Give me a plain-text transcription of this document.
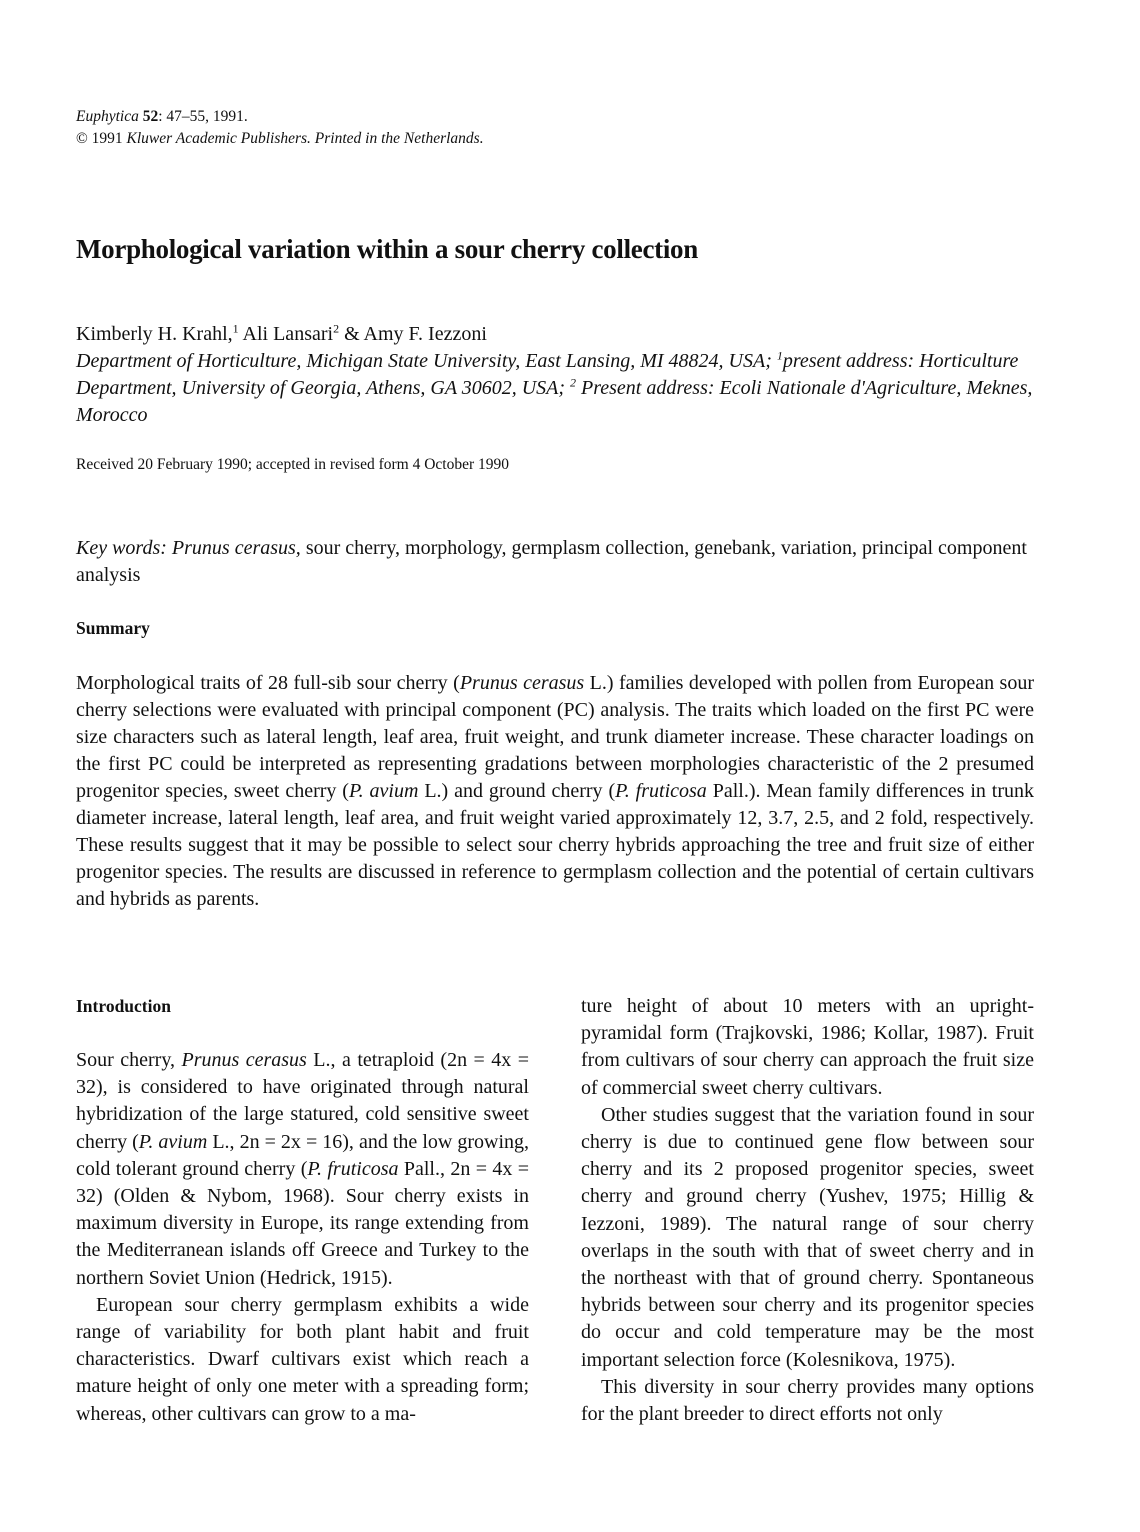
Euphytica 52: 47–55, 1991.
© 1991 Kluwer Academic Publishers. Printed in the Netherlands.
Morphological variation within a sour cherry collection
Kimberly H. Krahl,$^1$ Ali Lansari$^2$ & Amy F. Iezzoni
Department of Horticulture, Michigan State University, East Lansing, MI 48824, USA; $^1$present address: Horticulture Department, University of Georgia, Athens, GA 30602, USA; $^2$ Present address: Ecoli Nationale d'Agriculture, Meknes, Morocco
Received 20 February 1990; accepted in revised form 4 October 1990
Key words: Prunus cerasus, sour cherry, morphology, germplasm collection, genebank, variation, principal component analysis
Summary
Morphological traits of 28 full-sib sour cherry (Prunus cerasus L.) families developed with pollen from European sour cherry selections were evaluated with principal component (PC) analysis. The traits which loaded on the first PC were size characters such as lateral length, leaf area, fruit weight, and trunk diameter increase. These character loadings on the first PC could be interpreted as representing gradations between morphologies characteristic of the 2 presumed progenitor species, sweet cherry (P. avium L.) and ground cherry (P. fruticosa Pall.). Mean family differences in trunk diameter increase, lateral length, leaf area, and fruit weight varied approximately 12, 3.7, 2.5, and 2 fold, respectively. These results suggest that it may be possible to select sour cherry hybrids approaching the tree and fruit size of either progenitor species. The results are discussed in reference to germplasm collection and the potential of certain cultivars and hybrids as parents.
Introduction

Sour cherry, Prunus cerasus L., a tetraploid (2n = 4x = 32), is considered to have originated through natural hybridization of the large statured, cold sensitive sweet cherry (P. avium L., 2n = 2x = 16), and the low growing, cold tolerant ground cherry (P. fruticosa Pall., 2n = 4x = 32) (Olden & Nybom, 1968). Sour cherry exists in maximum diversity in Europe, its range extending from the Mediterranean islands off Greece and Turkey to the northern Soviet Union (Hedrick, 1915).

European sour cherry germplasm exhibits a wide range of variability for both plant habit and fruit characteristics. Dwarf cultivars exist which reach a mature height of only one meter with a spreading form; whereas, other cultivars can grow to a ma-

ture height of about 10 meters with an upright-pyramidal form (Trajkovski, 1986; Kollar, 1987). Fruit from cultivars of sour cherry can approach the fruit size of commercial sweet cherry cultivars.

Other studies suggest that the variation found in sour cherry is due to continued gene flow between sour cherry and its 2 proposed progenitor species, sweet cherry and ground cherry (Yushev, 1975; Hillig & Iezzoni, 1989). The natural range of sour cherry overlaps in the south with that of sweet cherry and in the northeast with that of ground cherry. Spontaneous hybrids between sour cherry and its progenitor species do occur and cold temperature may be the most important selection force (Kolesnikova, 1975).

This diversity in sour cherry provides many options for the plant breeder to direct efforts not only
